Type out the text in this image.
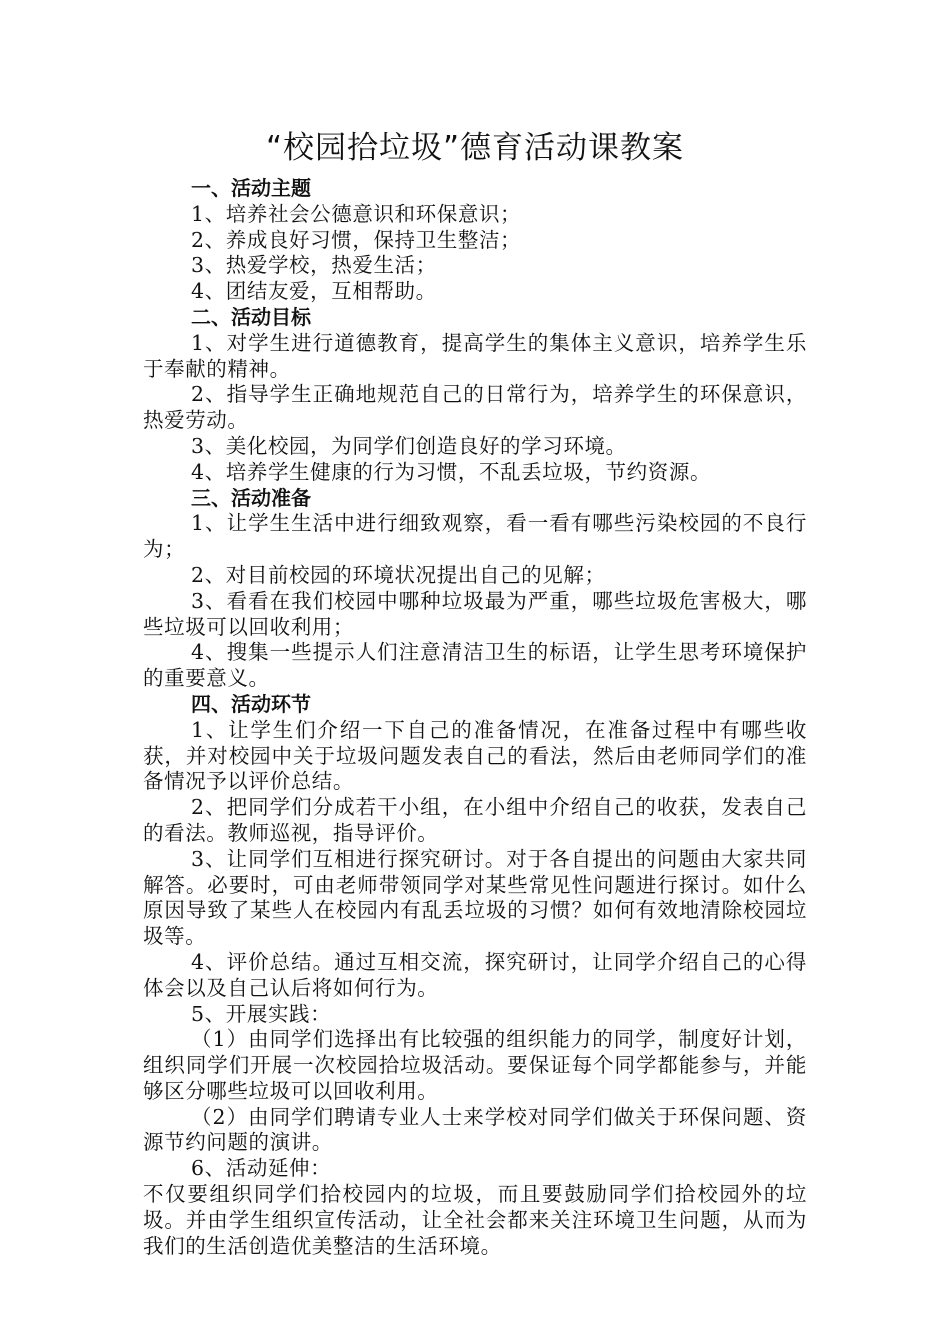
“校园拾垃圾”德育活动课教案

一、活动主题

1、培养社会公德意识和环保意识；

2、养成良好习惯，保持卫生整洁；

3、热爱学校，热爱生活；

4、团结友爱，互相帮助。

二、活动目标

1、对学生进行道德教育，提高学生的集体主义意识，培养学生乐于奉献的精神。

2、指导学生正确地规范自己的日常行为，培养学生的环保意识，热爱劳动。

3、美化校园，为同学们创造良好的学习环境。

4、培养学生健康的行为习惯，不乱丢垃圾，节约资源。

三、活动准备

1、让学生生活中进行细致观察，看一看有哪些污染校园的不良行为；

2、对目前校园的环境状况提出自己的见解；

3、看看在我们校园中哪种垃圾最为严重，哪些垃圾危害极大，哪些垃圾可以回收利用；

4、搜集一些提示人们注意清洁卫生的标语，让学生思考环境保护的重要意义。

四、活动环节

1、让学生们介绍一下自己的准备情况，在准备过程中有哪些收获，并对校园中关于垃圾问题发表自己的看法，然后由老师同学们的准备情况予以评价总结。

2、把同学们分成若干小组，在小组中介绍自己的收获，发表自己的看法。教师巡视，指导评价。

3、让同学们互相进行探究研讨。对于各自提出的问题由大家共同解答。必要时，可由老师带领同学对某些常见性问题进行探讨。如什么原因导致了某些人在校园内有乱丢垃圾的习惯？如何有效地清除校园垃圾等。

4、评价总结。通过互相交流，探究研讨，让同学介绍自己的心得体会以及自己认后将如何行为。

5、开展实践：

（1）由同学们选择出有比较强的组织能力的同学，制度好计划，组织同学们开展一次校园拾垃圾活动。要保证每个同学都能参与，并能够区分哪些垃圾可以回收利用。

（2）由同学们聘请专业人士来学校对同学们做关于环保问题、资源节约问题的演讲。

6、活动延伸：

不仅要组织同学们拾校园内的垃圾，而且要鼓励同学们拾校园外的垃圾。并由学生组织宣传活动，让全社会都来关注环境卫生问题，从而为我们的生活创造优美整洁的生活环境。
